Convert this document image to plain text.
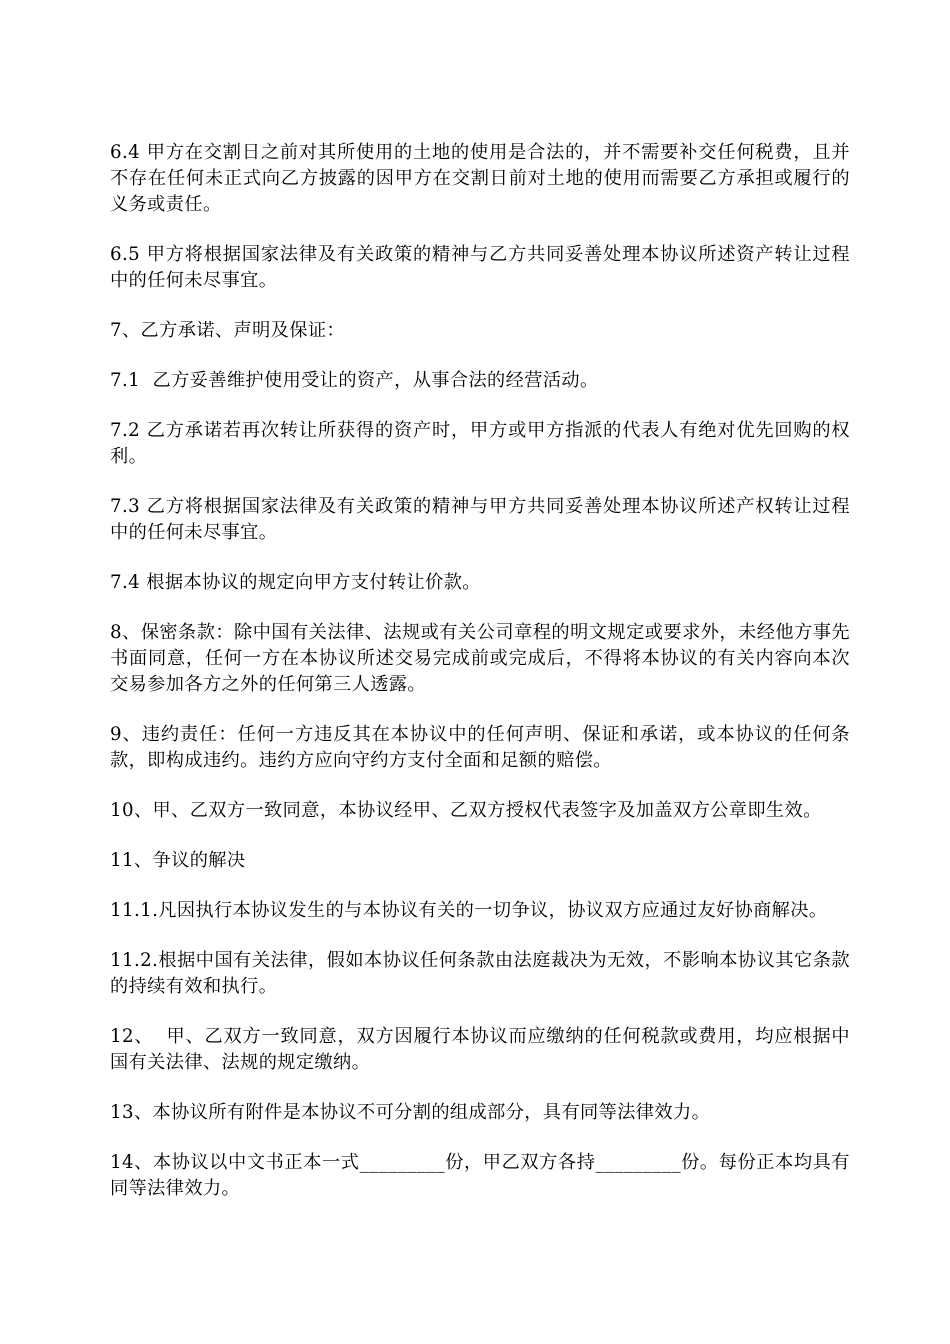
6.4 甲方在交割日之前对其所使用的土地的使用是合法的，并不需要补交任何税费，且并不存在任何未正式向乙方披露的因甲方在交割日前对土地的使用而需要乙方承担或履行的义务或责任。

6.5 甲方将根据国家法律及有关政策的精神与乙方共同妥善处理本协议所述资产转让过程中的任何未尽事宜。

7、乙方承诺、声明及保证：

7.1  乙方妥善维护使用受让的资产，从事合法的经营活动。

7.2 乙方承诺若再次转让所获得的资产时，甲方或甲方指派的代表人有绝对优先回购的权利。

7.3 乙方将根据国家法律及有关政策的精神与甲方共同妥善处理本协议所述产权转让过程中的任何未尽事宜。

7.4 根据本协议的规定向甲方支付转让价款。

8、保密条款：除中国有关法律、法规或有关公司章程的明文规定或要求外，未经他方事先书面同意，任何一方在本协议所述交易完成前或完成后，不得将本协议的有关内容向本次交易参加各方之外的任何第三人透露。

9、违约责任：任何一方违反其在本协议中的任何声明、保证和承诺，或本协议的任何条款，即构成违约。违约方应向守约方支付全面和足额的赔偿。

10、甲、乙双方一致同意，本协议经甲、乙双方授权代表签字及加盖双方公章即生效。

11、争议的解决

11.1.凡因执行本协议发生的与本协议有关的一切争议，协议双方应通过友好协商解决。

11.2.根据中国有关法律，假如本协议任何条款由法庭裁决为无效，不影响本协议其它条款的持续有效和执行。

12、  甲、乙双方一致同意，双方因履行本协议而应缴纳的任何税款或费用，均应根据中国有关法律、法规的规定缴纳。

13、本协议所有附件是本协议不可分割的组成部分，具有同等法律效力。

14、本协议以中文书正本一式_________份，甲乙双方各持_________份。每份正本均具有同等法律效力。
